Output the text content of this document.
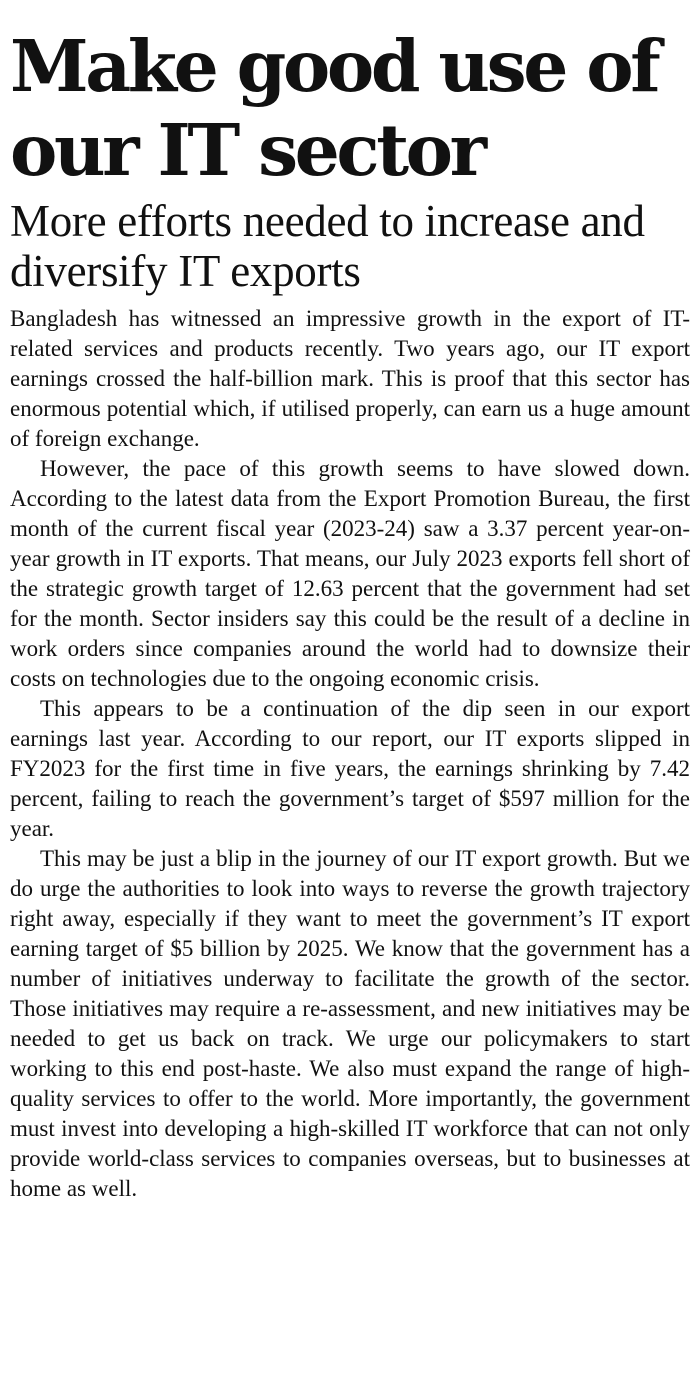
Make good use of our IT sector
More efforts needed to increase and diversify IT exports

Bangladesh has witnessed an impressive growth in the export of IT-related services and products recently. Two years ago, our IT export earnings crossed the half-billion mark. This is proof that this sector has enormous potential which, if utilised properly, can earn us a huge amount of foreign exchange.

However, the pace of this growth seems to have slowed down. According to the latest data from the Export Promotion Bureau, the first month of the current fiscal year (2023-24) saw a 3.37 percent year-on-year growth in IT exports. That means, our July 2023 exports fell short of the strategic growth target of 12.63 percent that the government had set for the month. Sector insiders say this could be the result of a decline in work orders since companies around the world had to downsize their costs on technologies due to the ongoing economic crisis.

This appears to be a continuation of the dip seen in our export earnings last year. According to our report, our IT exports slipped in FY2023 for the first time in five years, the earnings shrinking by 7.42 percent, failing to reach the government’s target of $597 million for the year.

This may be just a blip in the journey of our IT export growth. But we do urge the authorities to look into ways to reverse the growth trajectory right away, especially if they want to meet the government’s IT export earning target of $5 billion by 2025. We know that the government has a number of initiatives underway to facilitate the growth of the sector. Those initiatives may require a re-assessment, and new initiatives may be needed to get us back on track. We urge our policymakers to start working to this end post-haste. We also must expand the range of high-quality services to offer to the world. More importantly, the government must invest into developing a high-skilled IT workforce that can not only provide world-class services to companies overseas, but to businesses at home as well.
